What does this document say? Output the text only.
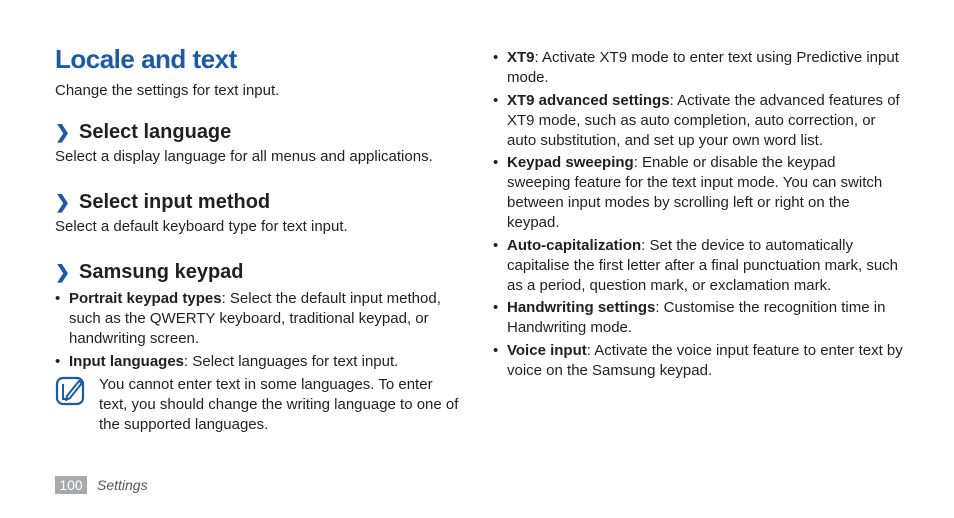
Locale and text

Change the settings for text input.

❯ Select language

Select a display language for all menus and applications.

❯ Select input method

Select a default keyboard type for text input.

❯ Samsung keypad
• Portrait keypad types: Select the default input method, such as the QWERTY keyboard, traditional keypad, or handwriting screen.
• Input languages: Select languages for text input.

You cannot enter text in some languages. To enter text, you should change the writing language to one of the supported languages.

• XT9: Activate XT9 mode to enter text using Predictive input mode.
• XT9 advanced settings: Activate the advanced features of XT9 mode, such as auto completion, auto correction, or auto substitution, and set up your own word list.
• Keypad sweeping: Enable or disable the keypad sweeping feature for the text input mode. You can switch between input modes by scrolling left or right on the keypad.
• Auto-capitalization: Set the device to automatically capitalise the first letter after a final punctuation mark, such as a period, question mark, or exclamation mark.
• Handwriting settings: Customise the recognition time in Handwriting mode.
• Voice input: Activate the voice input feature to enter text by voice on the Samsung keypad.
100	Settings
